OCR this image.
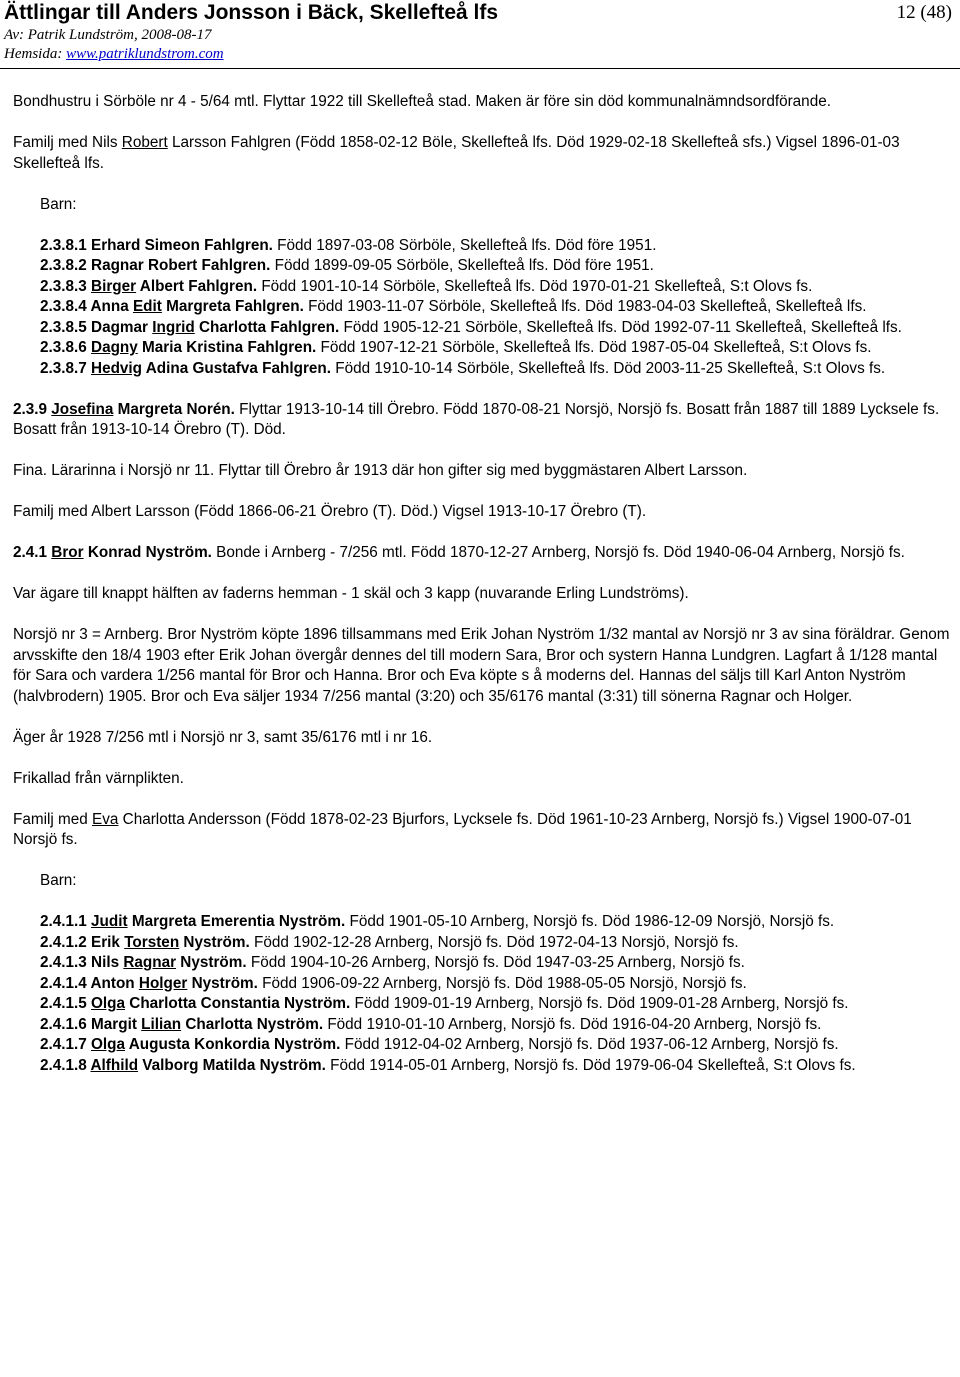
Ättlingar till Anders Jonsson i Bäck, Skellefteå lfs	12 (48)
Av: Patrik Lundström, 2008-08-17
Hemsida: www.patriklundstrom.com

Bondhustru i Sörböle nr 4 - 5/64 mtl. Flyttar 1922 till Skellefteå stad. Maken är före sin död kommunalnämndsordförande.

Familj med Nils Robert Larsson Fahlgren (Född 1858-02-12 Böle, Skellefteå lfs. Död 1929-02-18 Skellefteå sfs.) Vigsel 1896-01-03 Skellefteå lfs.

Barn:

2.3.8.1 Erhard Simeon Fahlgren. Född 1897-03-08 Sörböle, Skellefteå lfs. Död före 1951.

2.3.8.2 Ragnar Robert Fahlgren. Född 1899-09-05 Sörböle, Skellefteå lfs. Död före 1951.

2.3.8.3 Birger Albert Fahlgren. Född 1901-10-14 Sörböle, Skellefteå lfs. Död 1970-01-21 Skellefteå, S:t Olovs fs.

2.3.8.4 Anna Edit Margreta Fahlgren. Född 1903-11-07 Sörböle, Skellefteå lfs. Död 1983-04-03 Skellefteå, Skellefteå lfs.

2.3.8.5 Dagmar Ingrid Charlotta Fahlgren. Född 1905-12-21 Sörböle, Skellefteå lfs. Död 1992-07-11 Skellefteå, Skellefteå lfs.

2.3.8.6 Dagny Maria Kristina Fahlgren. Född 1907-12-21 Sörböle, Skellefteå lfs. Död 1987-05-04 Skellefteå, S:t Olovs fs.

2.3.8.7 Hedvig Adina Gustafva Fahlgren. Född 1910-10-14 Sörböle, Skellefteå lfs. Död 2003-11-25 Skellefteå, S:t Olovs fs.

2.3.9 Josefina Margreta Norén. Flyttar 1913-10-14 till Örebro. Född 1870-08-21 Norsjö, Norsjö fs. Bosatt från 1887 till 1889 Lycksele fs. Bosatt från 1913-10-14 Örebro (T). Död.

Fina. Lärarinna i Norsjö nr 11. Flyttar till Örebro år 1913 där hon gifter sig med byggmästaren Albert Larsson.

Familj med Albert Larsson (Född 1866-06-21 Örebro (T). Död.) Vigsel 1913-10-17 Örebro (T).

2.4.1 Bror Konrad Nyström. Bonde i Arnberg - 7/256 mtl. Född 1870-12-27 Arnberg, Norsjö fs. Död 1940-06-04 Arnberg, Norsjö fs.

Var ägare till knappt hälften av faderns hemman - 1 skäl och 3 kapp (nuvarande Erling Lundströms).

Norsjö nr 3 = Arnberg. Bror Nyström köpte 1896 tillsammans med Erik Johan Nyström 1/32 mantal av Norsjö nr 3 av sina föräldrar. Genom arvsskifte den 18/4 1903 efter Erik Johan övergår dennes del till modern Sara, Bror och systern Hanna Lundgren. Lagfart å 1/128 mantal för Sara och vardera 1/256 mantal för Bror och Hanna. Bror och Eva köpte s å moderns del. Hannas del säljs till Karl Anton Nyström (halvbrodern) 1905. Bror och Eva säljer 1934 7/256 mantal (3:20) och 35/6176 mantal (3:31) till sönerna Ragnar och Holger.

Äger år 1928 7/256 mtl i Norsjö nr 3, samt 35/6176 mtl i nr 16.

Frikallad från värnplikten.

Familj med Eva Charlotta Andersson (Född 1878-02-23 Bjurfors, Lycksele fs. Död 1961-10-23 Arnberg, Norsjö fs.) Vigsel 1900-07-01 Norsjö fs.

Barn:

2.4.1.1 Judit Margreta Emerentia Nyström. Född 1901-05-10 Arnberg, Norsjö fs. Död 1986-12-09 Norsjö, Norsjö fs.

2.4.1.2 Erik Torsten Nyström. Född 1902-12-28 Arnberg, Norsjö fs. Död 1972-04-13 Norsjö, Norsjö fs.

2.4.1.3 Nils Ragnar Nyström. Född 1904-10-26 Arnberg, Norsjö fs. Död 1947-03-25 Arnberg, Norsjö fs.

2.4.1.4 Anton Holger Nyström. Född 1906-09-22 Arnberg, Norsjö fs. Död 1988-05-05 Norsjö, Norsjö fs.

2.4.1.5 Olga Charlotta Constantia Nyström. Född 1909-01-19 Arnberg, Norsjö fs. Död 1909-01-28 Arnberg, Norsjö fs.

2.4.1.6 Margit Lilian Charlotta Nyström. Född 1910-01-10 Arnberg, Norsjö fs. Död 1916-04-20 Arnberg, Norsjö fs.

2.4.1.7 Olga Augusta Konkordia Nyström. Född 1912-04-02 Arnberg, Norsjö fs. Död 1937-06-12 Arnberg, Norsjö fs.

2.4.1.8 Alfhild Valborg Matilda Nyström. Född 1914-05-01 Arnberg, Norsjö fs. Död 1979-06-04 Skellefteå, S:t Olovs fs.
